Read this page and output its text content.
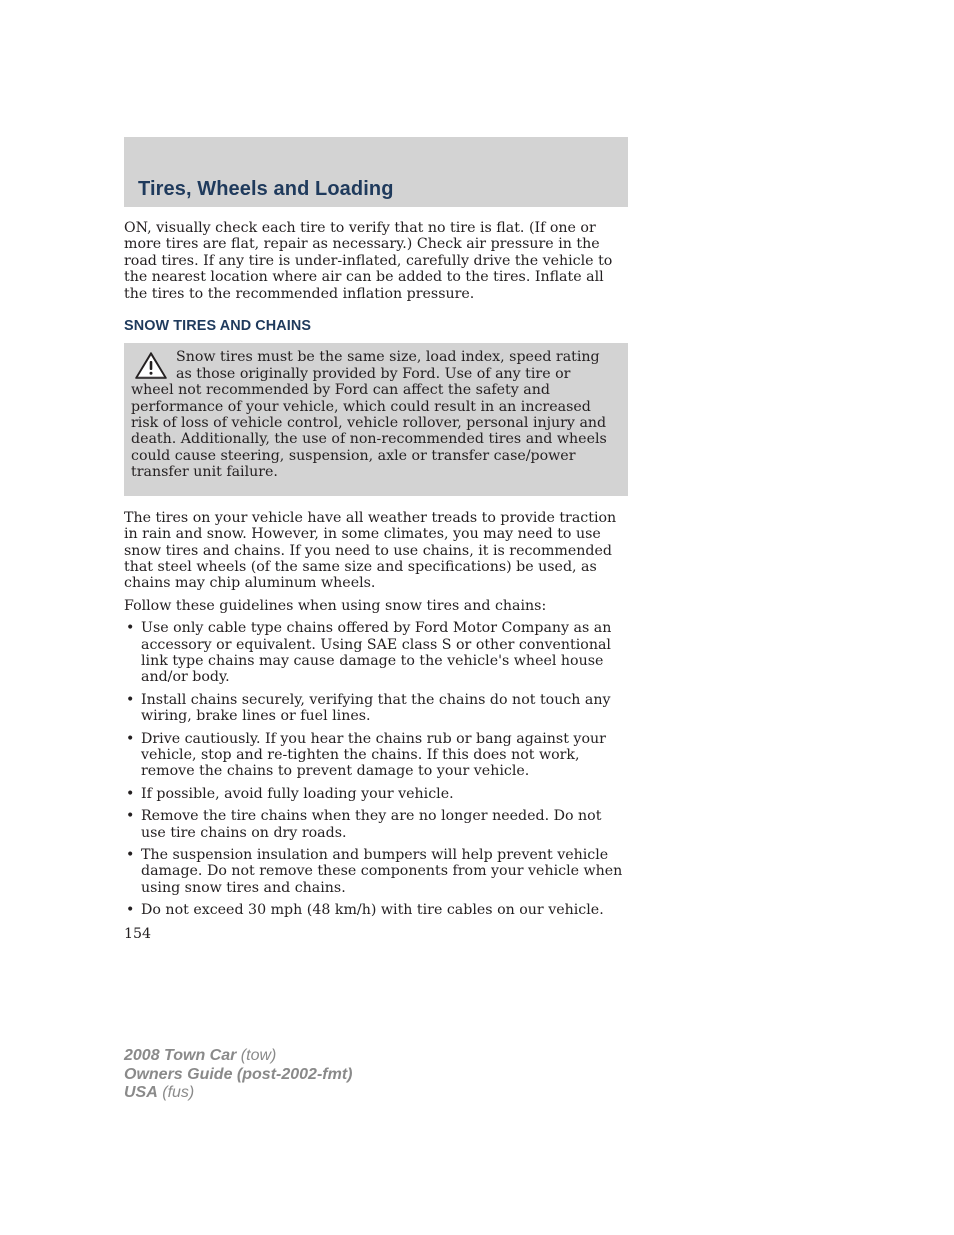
Tires, Wheels and Loading

ON, visually check each tire to verify that no tire is flat. (If one or more tires are flat, repair as necessary.) Check air pressure in the road tires. If any tire is under-inflated, carefully drive the vehicle to the nearest location where air can be added to the tires. Inflate all the tires to the recommended inflation pressure.

SNOW TIRES AND CHAINS

Snow tires must be the same size, load index, speed rating as those originally provided by Ford. Use of any tire or wheel not recommended by Ford can affect the safety and performance of your vehicle, which could result in an increased risk of loss of vehicle control, vehicle rollover, personal injury and death. Additionally, the use of non-recommended tires and wheels could cause steering, suspension, axle or transfer case/power transfer unit failure.

The tires on your vehicle have all weather treads to provide traction in rain and snow. However, in some climates, you may need to use snow tires and chains. If you need to use chains, it is recommended that steel wheels (of the same size and specifications) be used, as chains may chip aluminum wheels.

Follow these guidelines when using snow tires and chains:

• Use only cable type chains offered by Ford Motor Company as an accessory or equivalent. Using SAE class S or other conventional link type chains may cause damage to the vehicle's wheel house and/or body.
• Install chains securely, verifying that the chains do not touch any wiring, brake lines or fuel lines.
• Drive cautiously. If you hear the chains rub or bang against your vehicle, stop and re-tighten the chains. If this does not work, remove the chains to prevent damage to your vehicle.
• If possible, avoid fully loading your vehicle.
• Remove the tire chains when they are no longer needed. Do not use tire chains on dry roads.
• The suspension insulation and bumpers will help prevent vehicle damage. Do not remove these components from your vehicle when using snow tires and chains.
• Do not exceed 30 mph (48 km/h) with tire cables on our vehicle.
154
2008 Town Car (tow)
Owners Guide (post-2002-fmt)
USA (fus)
